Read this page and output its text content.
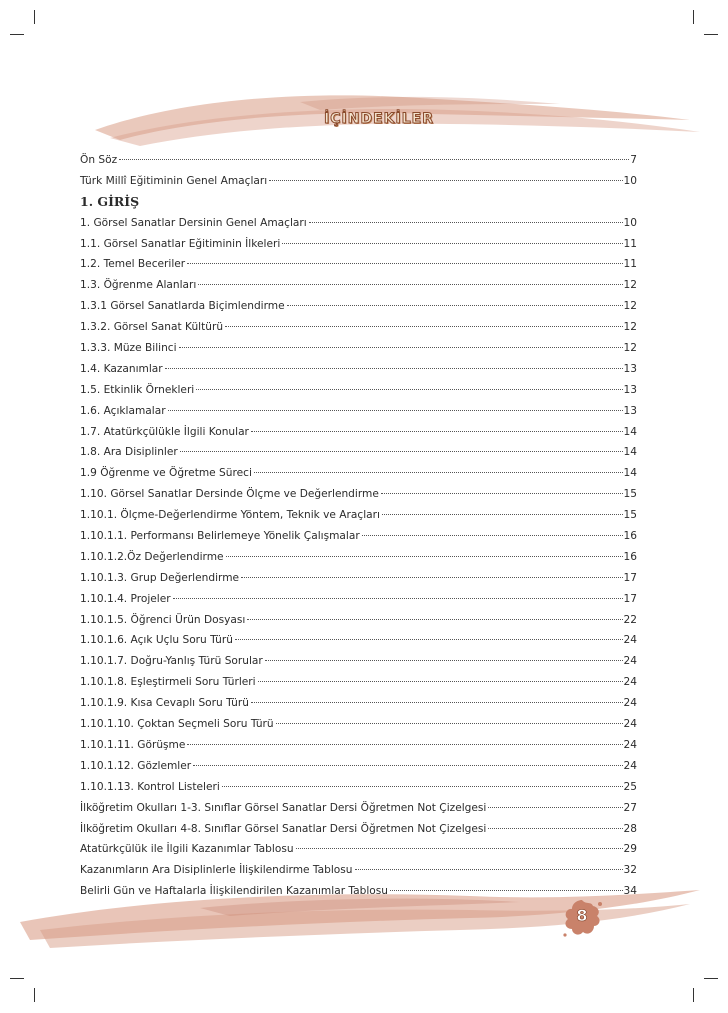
İÇİNDEKİLER
Ön Söz	7
Türk Millî Eğitiminin Genel Amaçları	10
1. GİRİŞ
1. Görsel Sanatlar Dersinin Genel Amaçları	10
1.1. Görsel Sanatlar Eğitiminin İlkeleri	11
1.2. Temel Beceriler	11
1.3. Öğrenme Alanları	12
1.3.1 Görsel Sanatlarda Biçimlendirme	12
1.3.2. Görsel Sanat Kültürü	12
1.3.3. Müze Bilinci	12
1.4. Kazanımlar	13
1.5. Etkinlik Örnekleri	13
1.6. Açıklamalar	13
1.7. Atatürkçülükle İlgili Konular	14
1.8. Ara Disiplinler	14
1.9 Öğrenme ve Öğretme Süreci	14
1.10. Görsel Sanatlar Dersinde Ölçme ve Değerlendirme	15
1.10.1. Ölçme-Değerlendirme Yöntem, Teknik ve Araçları	15
1.10.1.1. Performansı Belirlemeye Yönelik Çalışmalar	16
1.10.1.2.Öz Değerlendirme	16
1.10.1.3. Grup Değerlendirme	17
1.10.1.4. Projeler	17
1.10.1.5. Öğrenci Ürün Dosyası	22
1.10.1.6. Açık Uçlu Soru Türü	24
1.10.1.7. Doğru-Yanlış Türü Sorular	24
1.10.1.8. Eşleştirmeli Soru Türleri	24
1.10.1.9. Kısa Cevaplı Soru Türü	24
1.10.1.10. Çoktan Seçmeli Soru Türü	24
1.10.1.11. Görüşme	24
1.10.1.12. Gözlemler	24
1.10.1.13. Kontrol Listeleri	25
İlköğretim Okulları 1-3. Sınıflar Görsel Sanatlar Dersi Öğretmen Not Çizelgesi	27
İlköğretim Okulları 4-8. Sınıflar Görsel Sanatlar Dersi Öğretmen Not Çizelgesi	28
Atatürkçülük ile İlgili Kazanımlar Tablosu	29
Kazanımların Ara Disiplinlerle İlişkilendirme Tablosu	32
Belirli Gün ve Haftalarla İlişkilendirilen Kazanımlar Tablosu	34
8
